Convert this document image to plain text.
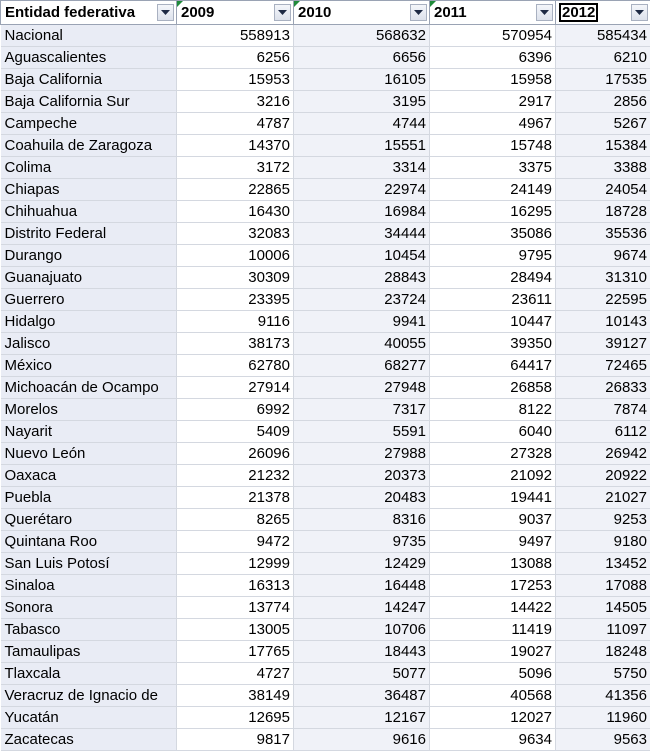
Entidad federativa	2009	2010	2011	2012

Nacional	558913	568632	570954	585434
Aguascalientes	6256	6656	6396	6210
Baja California	15953	16105	15958	17535
Baja California Sur	3216	3195	2917	2856
Campeche	4787	4744	4967	5267
Coahuila de Zaragoza	14370	15551	15748	15384
Colima	3172	3314	3375	3388
Chiapas	22865	22974	24149	24054
Chihuahua	16430	16984	16295	18728
Distrito Federal	32083	34444	35086	35536
Durango	10006	10454	9795	9674
Guanajuato	30309	28843	28494	31310
Guerrero	23395	23724	23611	22595
Hidalgo	9116	9941	10447	10143
Jalisco	38173	40055	39350	39127
México	62780	68277	64417	72465
Michoacán de Ocampo	27914	27948	26858	26833
Morelos	6992	7317	8122	7874
Nayarit	5409	5591	6040	6112
Nuevo León	26096	27988	27328	26942
Oaxaca	21232	20373	21092	20922
Puebla	21378	20483	19441	21027
Querétaro	8265	8316	9037	9253
Quintana Roo	9472	9735	9497	9180
San Luis Potosí	12999	12429	13088	13452
Sinaloa	16313	16448	17253	17088
Sonora	13774	14247	14422	14505
Tabasco	13005	10706	11419	11097
Tamaulipas	17765	18443	19027	18248
Tlaxcala	4727	5077	5096	5750
Veracruz de Ignacio de	38149	36487	40568	41356
Yucatán	12695	12167	12027	11960
Zacatecas	9817	9616	9634	9563
